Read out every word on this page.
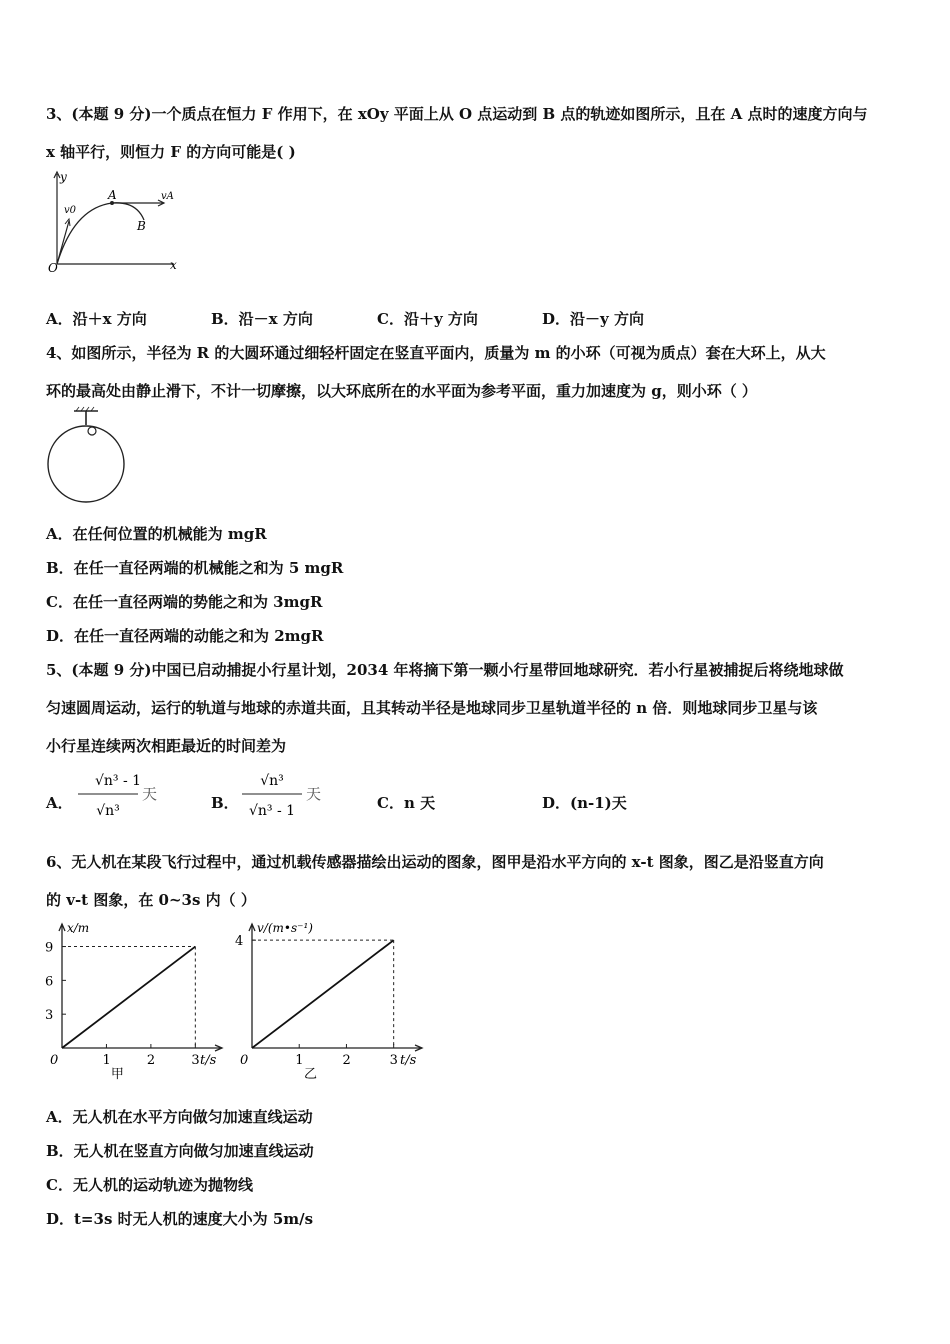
3、(本题 9 分)一个质点在恒力 F 作用下，在 xOy 平面上从 O 点运动到 B 点的轨迹如图所示，且在 A 点时的速度方向与
x 轴平行，则恒力 F 的方向可能是( )
y
x
O
A
B
v0
vA
A．沿＋x 方向	B．沿－x 方向	C．沿＋y 方向	D．沿－y 方向
4、如图所示，半径为 R 的大圆环通过细轻杆固定在竖直平面内，质量为 m 的小环（可视为质点）套在大环上，从大
环的最高处由静止滑下，不计一切摩擦，以大环底所在的水平面为参考平面，重力加速度为 g，则小环（ ）
A．在任何位置的机械能为 mgR
B．在任一直径两端的机械能之和为 5 mgR
C．在任一直径两端的势能之和为 3mgR
D．在任一直径两端的动能之和为 2mgR
5、(本题 9 分)中国已启动捕捉小行星计划，2034 年将摘下第一颗小行星带回地球研究．若小行星被捕捉后将绕地球做
匀速圆周运动，运行的轨道与地球的赤道共面，且其转动半径是地球同步卫星轨道半径的 n 倍．则地球同步卫星与该
小行星连续两次相距最近的时间差为
A．
√n³ - 1
√n³
天	B．
√n³
√n³ - 1
天	C．n 天	D．(n-1)天
6、无人机在某段飞行过程中，通过机载传感器描绘出运动的图象，图甲是沿水平方向的 x-t 图象，图乙是沿竖直方向
的 v-t 图象，在 0~3s 内（ ）
0	1	2	3
3
6
9
t/s
x/m
甲
0	1	2	3
4
t/s
v/(m•s⁻¹)
乙
A．无人机在水平方向做匀加速直线运动
B．无人机在竖直方向做匀加速直线运动
C．无人机的运动轨迹为抛物线
D．t=3s 时无人机的速度大小为 5m/s
